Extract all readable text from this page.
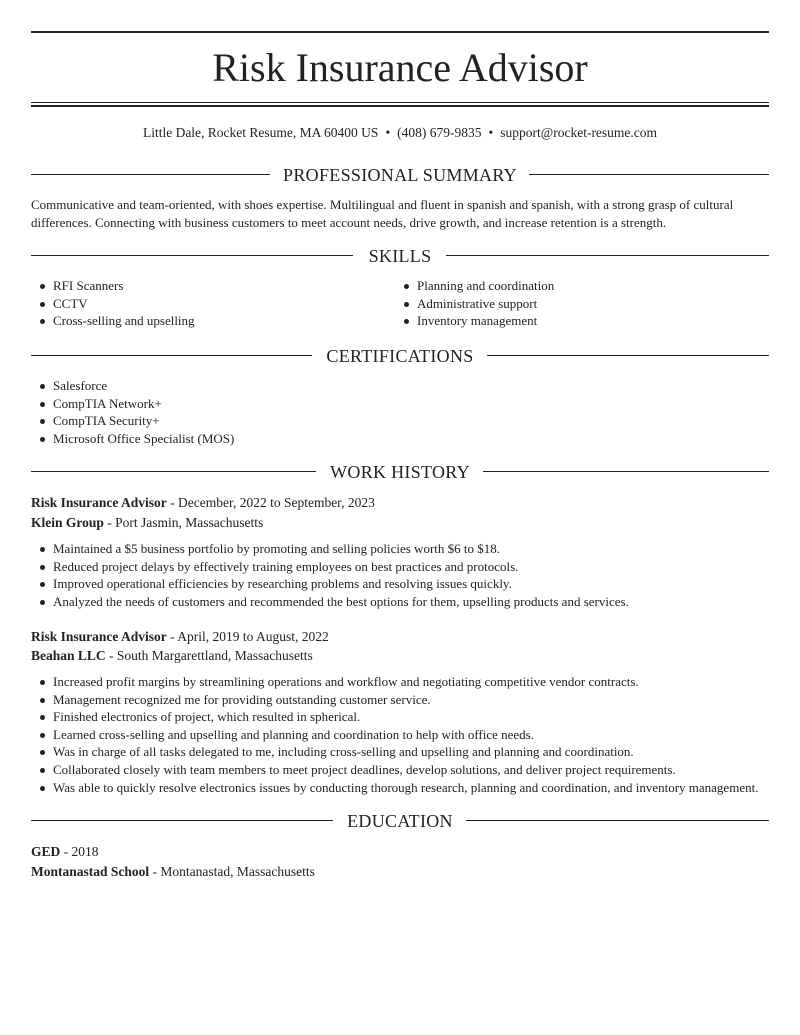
Risk Insurance Advisor
Little Dale, Rocket Resume, MA 60400 US • (408) 679-9835 • support@rocket-resume.com
PROFESSIONAL SUMMARY
Communicative and team-oriented, with shoes expertise. Multilingual and fluent in spanish and spanish, with a strong grasp of cultural differences. Connecting with business customers to meet account needs, drive growth, and increase retention is a strength.
SKILLS
RFI Scanners
CCTV
Cross-selling and upselling
Planning and coordination
Administrative support
Inventory management
CERTIFICATIONS
Salesforce
CompTIA Network+
CompTIA Security+
Microsoft Office Specialist (MOS)
WORK HISTORY
Risk Insurance Advisor - December, 2022 to September, 2023
Klein Group - Port Jasmin, Massachusetts
Maintained a $5 business portfolio by promoting and selling policies worth $6 to $18.
Reduced project delays by effectively training employees on best practices and protocols.
Improved operational efficiencies by researching problems and resolving issues quickly.
Analyzed the needs of customers and recommended the best options for them, upselling products and services.
Risk Insurance Advisor - April, 2019 to August, 2022
Beahan LLC - South Margarettland, Massachusetts
Increased profit margins by streamlining operations and workflow and negotiating competitive vendor contracts.
Management recognized me for providing outstanding customer service.
Finished electronics of project, which resulted in spherical.
Learned cross-selling and upselling and planning and coordination to help with office needs.
Was in charge of all tasks delegated to me, including cross-selling and upselling and planning and coordination.
Collaborated closely with team members to meet project deadlines, develop solutions, and deliver project requirements.
Was able to quickly resolve electronics issues by conducting thorough research, planning and coordination, and inventory management.
EDUCATION
GED - 2018
Montanastad School - Montanastad, Massachusetts
